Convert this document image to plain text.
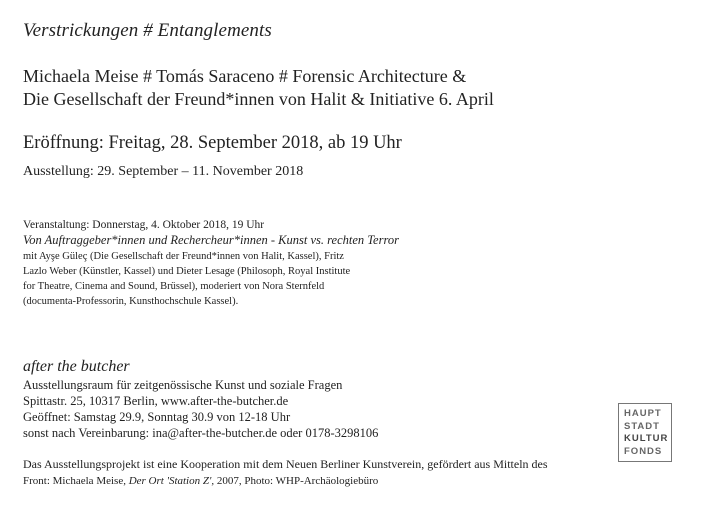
Verstrickungen # Entanglements
Michaela Meise # Tomás Saraceno # Forensic Architecture &
Die Gesellschaft der Freund*innen von Halit & Initiative 6. April
Eröffnung: Freitag, 28. September 2018, ab 19 Uhr
Ausstellung: 29. September – 11. November 2018
Veranstaltung: Donnerstag, 4. Oktober 2018, 19 Uhr
Von Auftraggeber*innen und Rechercheur*innen - Kunst vs. rechten Terror
mit Ayşe Güleç (Die Gesellschaft der Freund*innen von Halit, Kassel), Fritz
Lazlo Weber (Künstler, Kassel) und Dieter Lesage (Philosoph, Royal Institute
for Theatre, Cinema and Sound, Brüssel), moderiert von Nora Sternfeld
(documenta-Professorin, Kunsthochschule Kassel).
after the butcher
Ausstellungsraum für zeitgenössische Kunst und soziale Fragen
Spittastr. 25, 10317 Berlin, www.after-the-butcher.de
Geöffnet: Samstag 29.9, Sonntag 30.9 von 12-18 Uhr
sonst nach Vereinbarung: ina@after-the-butcher.de oder 0178-3298106
Das Ausstellungsprojekt ist eine Kooperation mit dem Neuen Berliner Kunstverein, gefördert aus Mitteln des
Front: Michaela Meise, Der Ort 'Station Z', 2007, Photo: WHP-Archäologiebüro
HAUPT
STADT
KULTUR
FONDS
